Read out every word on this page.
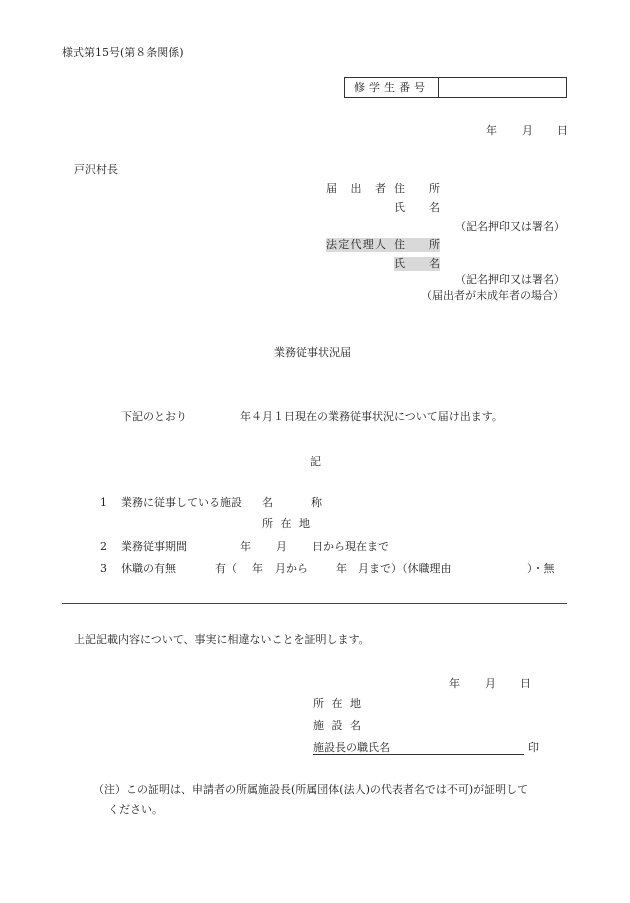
様式第15号(第８条関係)
修学生番号
年 月 日
戸沢村長
届出者 住所
氏名
（記名押印又は署名）
法定代理人 住所
氏名
（記名押印又は署名）
（届出者が未成年者の場合）
業務従事状況届
下記のとおり	年４月１日現在の業務従事状況について届け出ます。
記
1 業務に従事している施設 名称
所在地
2 業務従事期間	年 月 日から現在まで
3 休職の有無	有（ 年 月から	年 月まで）（休職理由	）・無
上記記載内容について、事実に相違ないことを証明します。
年 月 日
所在地
施設名
施設長の職氏名	印
（注）この証明は、申請者の所属施設長(所属団体(法人)の代表者名では不可)が証明して
ください。
